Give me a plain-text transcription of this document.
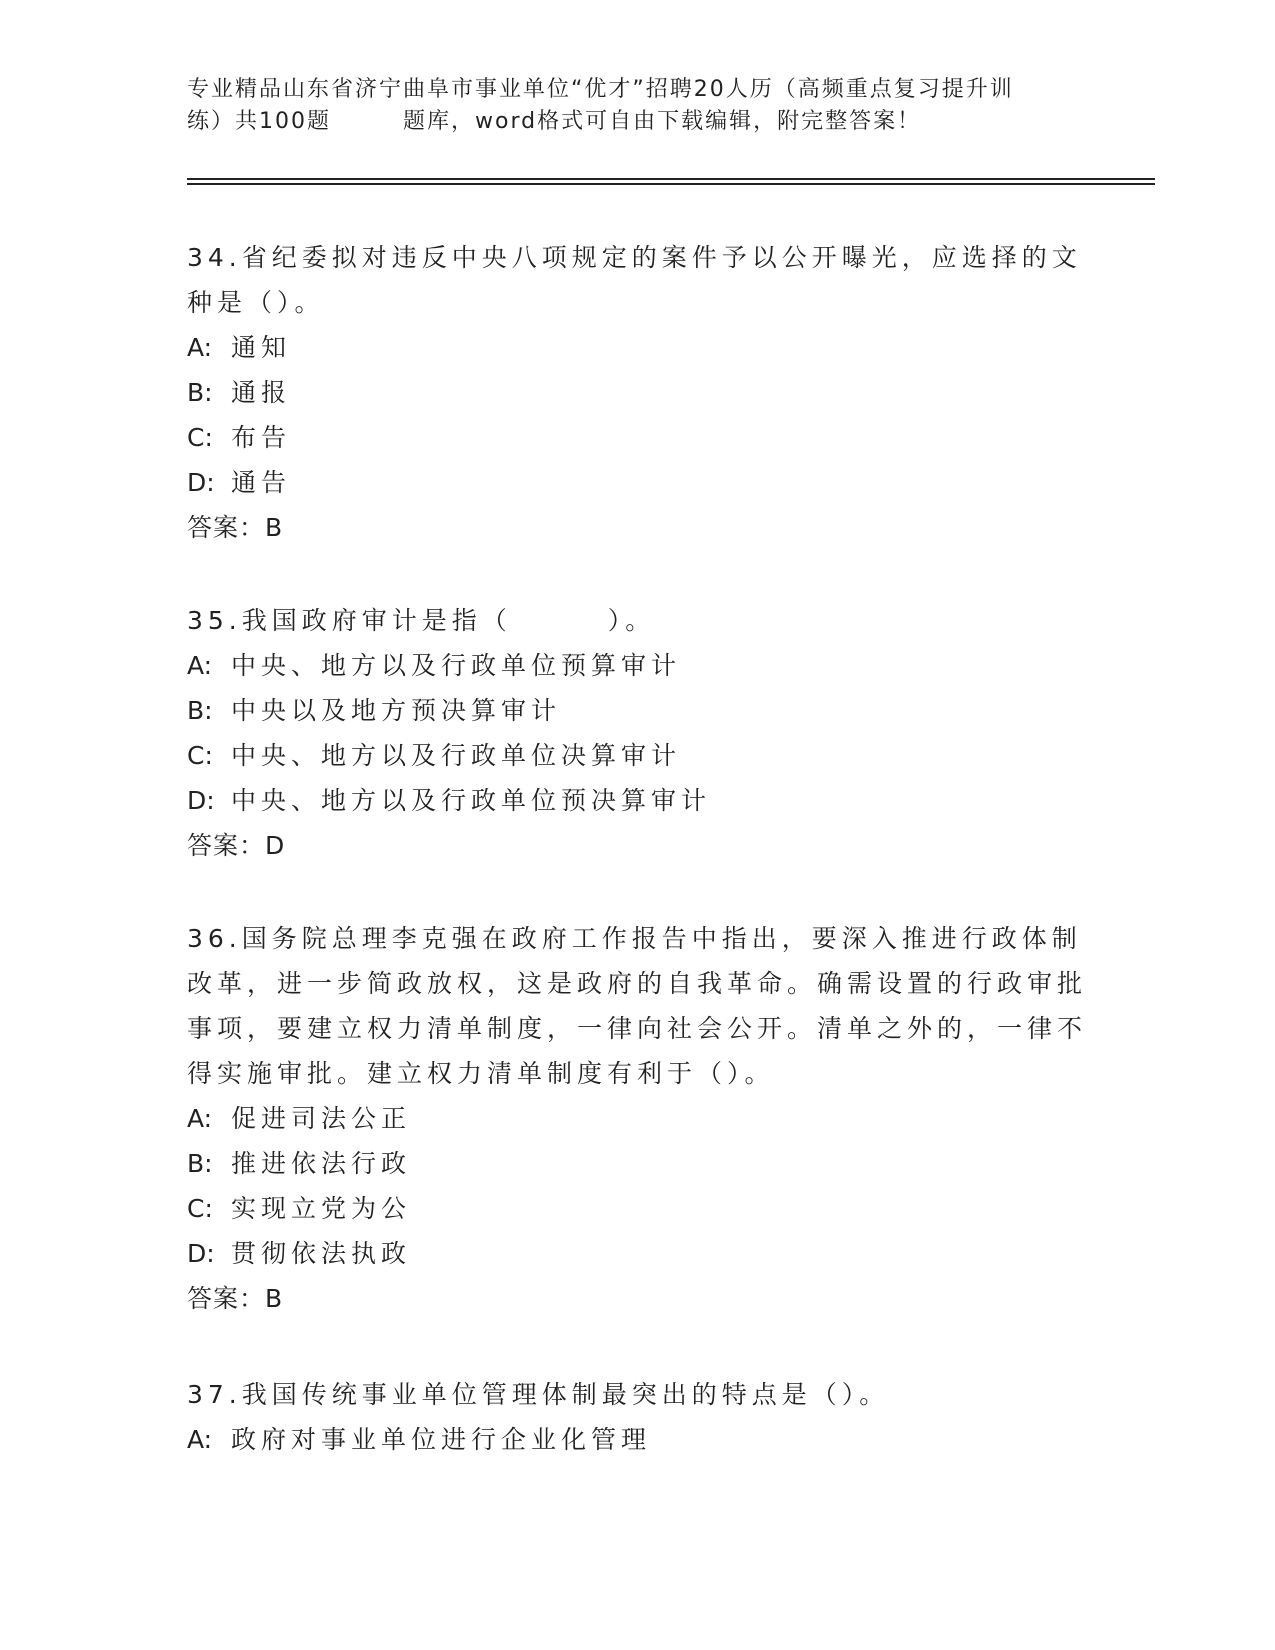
专业精品山东省济宁曲阜市事业单位“优才”招聘20人历（高频重点复习提升训
练）共100题	题库，word格式可自由下载编辑，附完整答案！
34.省纪委拟对违反中央八项规定的案件予以公开曝光，应选择的文种是（）。
A: 通知
B: 通报
C: 布告
D: 通告
答案：B
35.我国政府审计是指（	）。
A: 中央、地方以及行政单位预算审计
B: 中央以及地方预决算审计
C: 中央、地方以及行政单位决算审计
D: 中央、地方以及行政单位预决算审计
答案：D
36.国务院总理李克强在政府工作报告中指出，要深入推进行政体制改革，进一步简政放权，这是政府的自我革命。确需设置的行政审批事项，要建立权力清单制度，一律向社会公开。清单之外的，一律不得实施审批。建立权力清单制度有利于（）。
A: 促进司法公正
B: 推进依法行政
C: 实现立党为公
D: 贯彻依法执政
答案：B
37.我国传统事业单位管理体制最突出的特点是（）。
A: 政府对事业单位进行企业化管理
